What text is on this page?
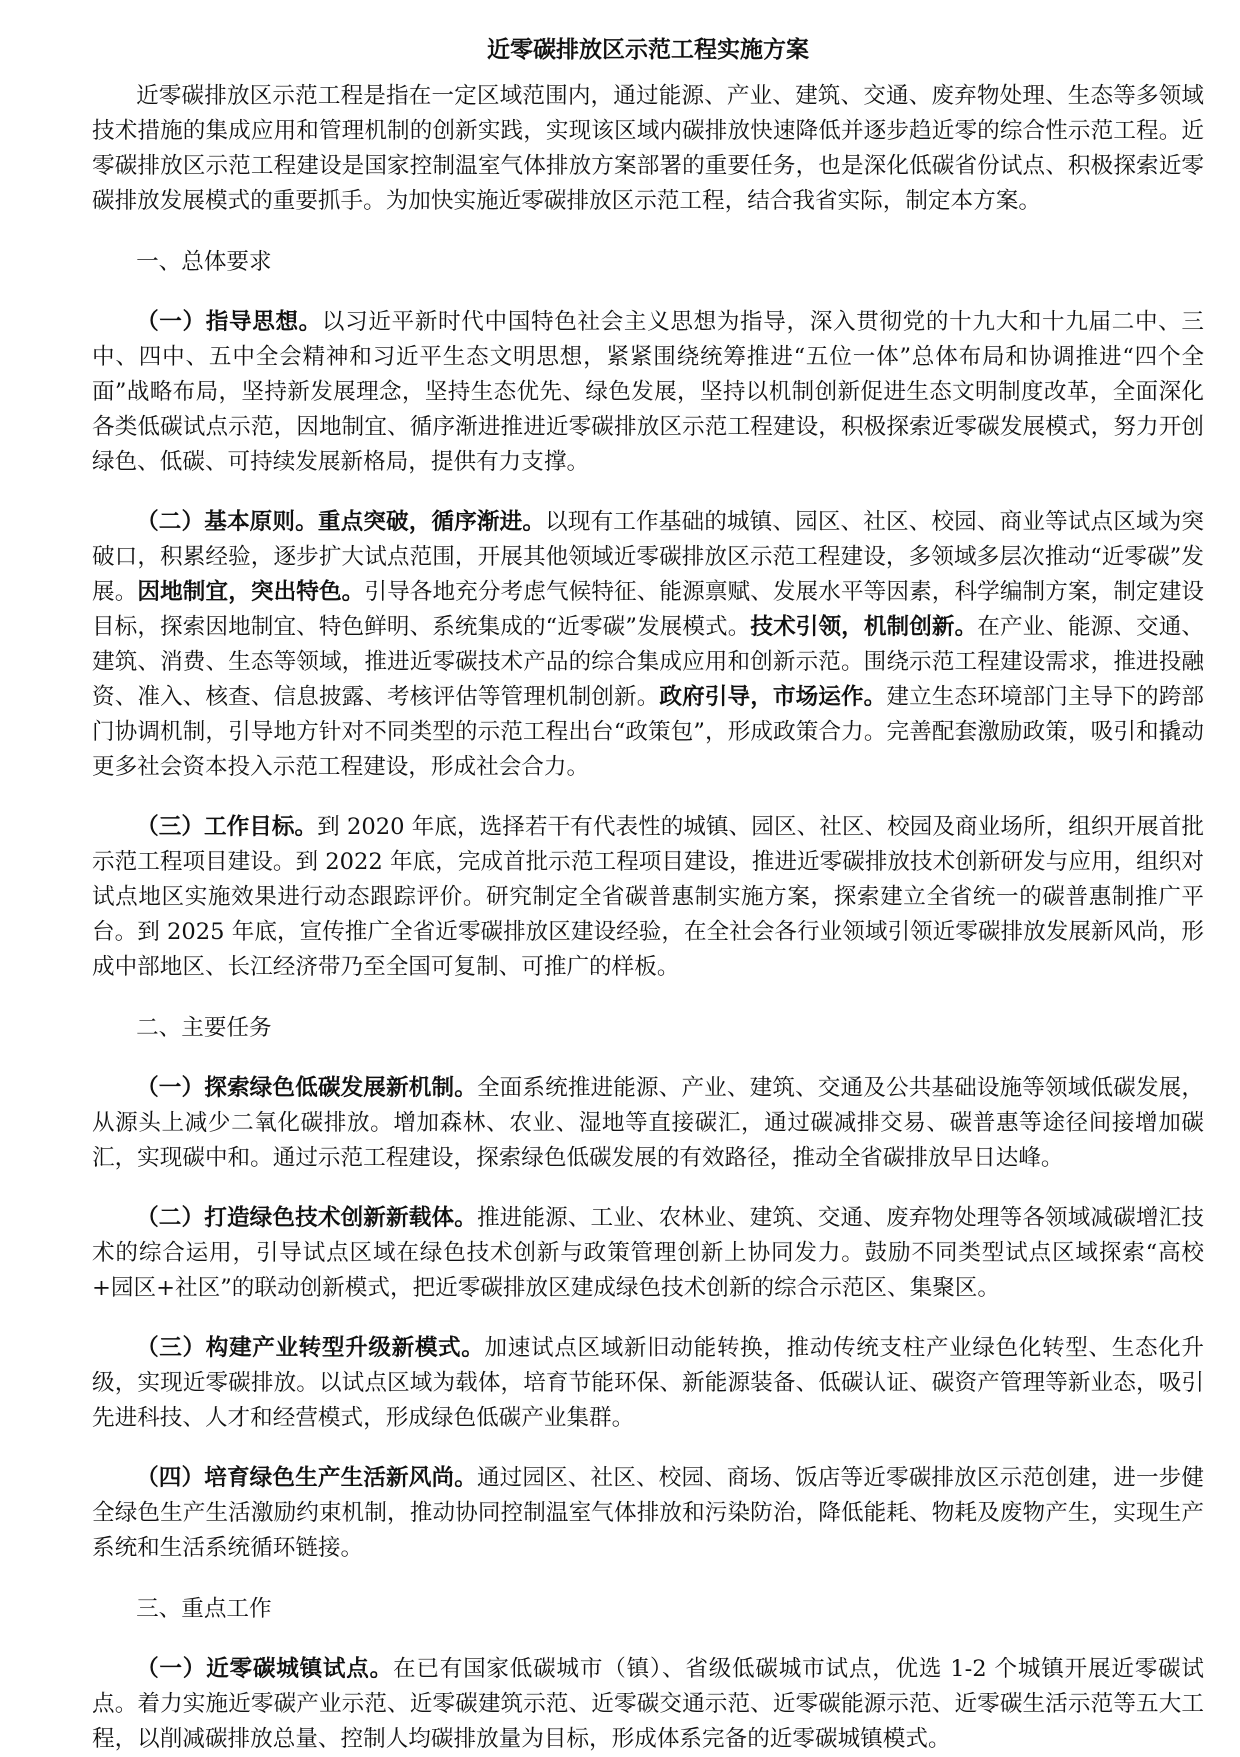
近零碳排放区示范工程实施方案

近零碳排放区示范工程是指在一定区域范围内，通过能源、产业、建筑、交通、废弃物处理、生态等多领域技术措施的集成应用和管理机制的创新实践，实现该区域内碳排放快速降低并逐步趋近零的综合性示范工程。近零碳排放区示范工程建设是国家控制温室气体排放方案部署的重要任务，也是深化低碳省份试点、积极探索近零碳排放发展模式的重要抓手。为加快实施近零碳排放区示范工程，结合我省实际，制定本方案。

一、总体要求

（一）指导思想。以习近平新时代中国特色社会主义思想为指导，深入贯彻党的十九大和十九届二中、三中、四中、五中全会精神和习近平生态文明思想，紧紧围绕统筹推进“五位一体”总体布局和协调推进“四个全面”战略布局，坚持新发展理念，坚持生态优先、绿色发展，坚持以机制创新促进生态文明制度改革，全面深化各类低碳试点示范，因地制宜、循序渐进推进近零碳排放区示范工程建设，积极探索近零碳发展模式，努力开创绿色、低碳、可持续发展新格局，提供有力支撑。

（二）基本原则。重点突破，循序渐进。以现有工作基础的城镇、园区、社区、校园、商业等试点区域为突破口，积累经验，逐步扩大试点范围，开展其他领域近零碳排放区示范工程建设，多领域多层次推动“近零碳”发展。因地制宜，突出特色。引导各地充分考虑气候特征、能源禀赋、发展水平等因素，科学编制方案，制定建设目标，探索因地制宜、特色鲜明、系统集成的“近零碳”发展模式。技术引领，机制创新。在产业、能源、交通、建筑、消费、生态等领域，推进近零碳技术产品的综合集成应用和创新示范。围绕示范工程建设需求，推进投融资、准入、核查、信息披露、考核评估等管理机制创新。政府引导，市场运作。建立生态环境部门主导下的跨部门协调机制，引导地方针对不同类型的示范工程出台“政策包”，形成政策合力。完善配套激励政策，吸引和撬动更多社会资本投入示范工程建设，形成社会合力。

（三）工作目标。到 2020 年底，选择若干有代表性的城镇、园区、社区、校园及商业场所，组织开展首批示范工程项目建设。到 2022 年底，完成首批示范工程项目建设，推进近零碳排放技术创新研发与应用，组织对试点地区实施效果进行动态跟踪评价。研究制定全省碳普惠制实施方案，探索建立全省统一的碳普惠制推广平台。到 2025 年底，宣传推广全省近零碳排放区建设经验，在全社会各行业领域引领近零碳排放发展新风尚，形成中部地区、长江经济带乃至全国可复制、可推广的样板。

二、主要任务

（一）探索绿色低碳发展新机制。全面系统推进能源、产业、建筑、交通及公共基础设施等领域低碳发展，从源头上减少二氧化碳排放。增加森林、农业、湿地等直接碳汇，通过碳减排交易、碳普惠等途径间接增加碳汇，实现碳中和。通过示范工程建设，探索绿色低碳发展的有效路径，推动全省碳排放早日达峰。

（二）打造绿色技术创新新载体。推进能源、工业、农林业、建筑、交通、废弃物处理等各领域减碳增汇技术的综合运用，引导试点区域在绿色技术创新与政策管理创新上协同发力。鼓励不同类型试点区域探索“高校+园区+社区”的联动创新模式，把近零碳排放区建成绿色技术创新的综合示范区、集聚区。

（三）构建产业转型升级新模式。加速试点区域新旧动能转换，推动传统支柱产业绿色化转型、生态化升级，实现近零碳排放。以试点区域为载体，培育节能环保、新能源装备、低碳认证、碳资产管理等新业态，吸引先进科技、人才和经营模式，形成绿色低碳产业集群。

（四）培育绿色生产生活新风尚。通过园区、社区、校园、商场、饭店等近零碳排放区示范创建，进一步健全绿色生产生活激励约束机制，推动协同控制温室气体排放和污染防治，降低能耗、物耗及废物产生，实现生产系统和生活系统循环链接。

三、重点工作

（一）近零碳城镇试点。在已有国家低碳城市（镇）、省级低碳城市试点，优选 1-2 个城镇开展近零碳试点。着力实施近零碳产业示范、近零碳建筑示范、近零碳交通示范、近零碳能源示范、近零碳生活示范等五大工程，以削减碳排放总量、控制人均碳排放量为目标，形成体系完备的近零碳城镇模式。
